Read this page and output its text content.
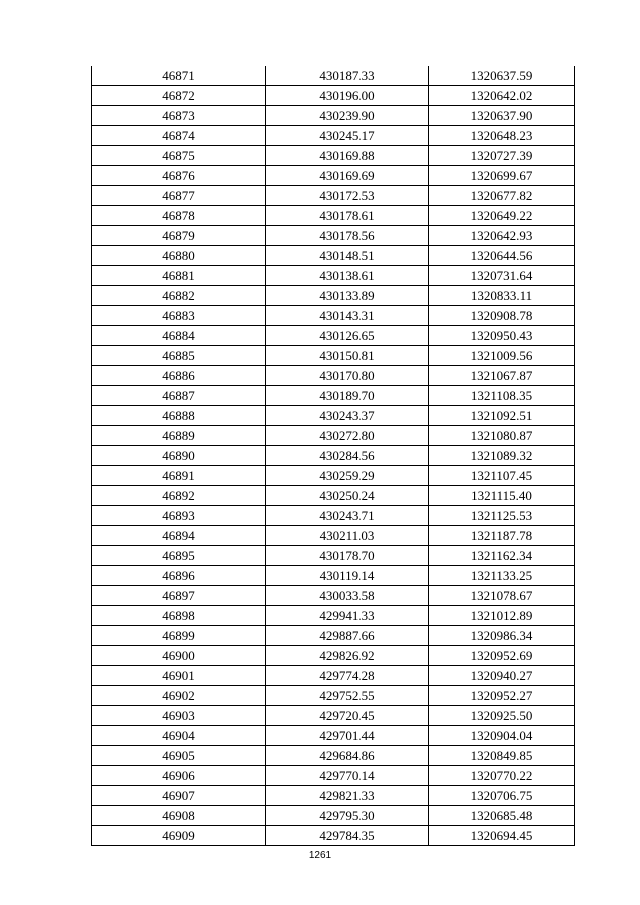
46871	430187.33	1320637.59
46872	430196.00	1320642.02
46873	430239.90	1320637.90
46874	430245.17	1320648.23
46875	430169.88	1320727.39
46876	430169.69	1320699.67
46877	430172.53	1320677.82
46878	430178.61	1320649.22
46879	430178.56	1320642.93
46880	430148.51	1320644.56
46881	430138.61	1320731.64
46882	430133.89	1320833.11
46883	430143.31	1320908.78
46884	430126.65	1320950.43
46885	430150.81	1321009.56
46886	430170.80	1321067.87
46887	430189.70	1321108.35
46888	430243.37	1321092.51
46889	430272.80	1321080.87
46890	430284.56	1321089.32
46891	430259.29	1321107.45
46892	430250.24	1321115.40
46893	430243.71	1321125.53
46894	430211.03	1321187.78
46895	430178.70	1321162.34
46896	430119.14	1321133.25
46897	430033.58	1321078.67
46898	429941.33	1321012.89
46899	429887.66	1320986.34
46900	429826.92	1320952.69
46901	429774.28	1320940.27
46902	429752.55	1320952.27
46903	429720.45	1320925.50
46904	429701.44	1320904.04
46905	429684.86	1320849.85
46906	429770.14	1320770.22
46907	429821.33	1320706.75
46908	429795.30	1320685.48
46909	429784.35	1320694.45
1261
